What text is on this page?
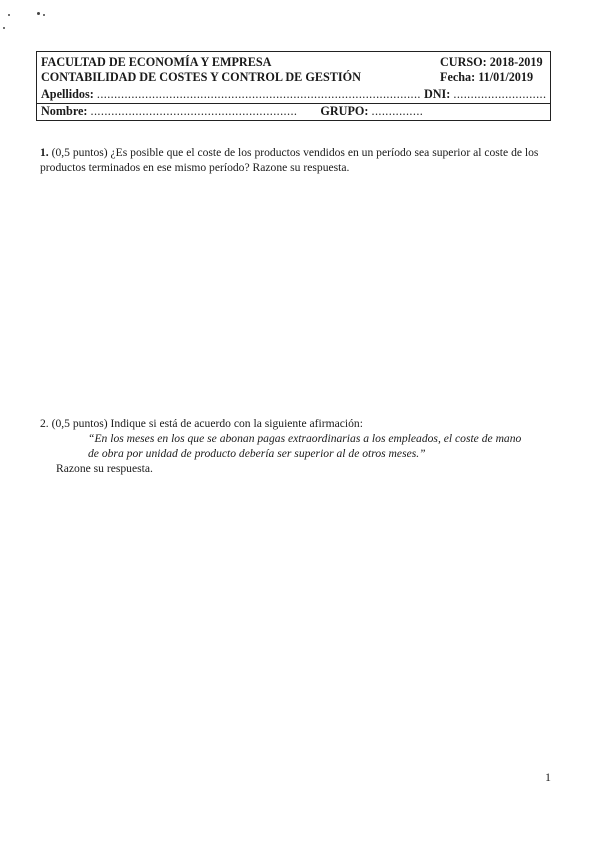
FACULTAD DE ECONOMÍA Y EMPRESA	CURSO: 2018-2019
CONTABILIDAD DE COSTES Y CONTROL DE GESTIÓN	Fecha: 11/01/2019
Apellidos: .............................................................................................. DNI: ...........................
Nombre: ............................................................ GRUPO: ...............
1. (0,5 puntos) ¿Es posible que el coste de los productos vendidos en un período sea superior al coste de los productos terminados en ese mismo período? Razone su respuesta.
2. (0,5 puntos) Indique si está de acuerdo con la siguiente afirmación:
“En los meses en los que se abonan pagas extraordinarias a los empleados, el coste de mano de obra por unidad de producto debería ser superior al de otros meses.”
Razone su respuesta.
1
